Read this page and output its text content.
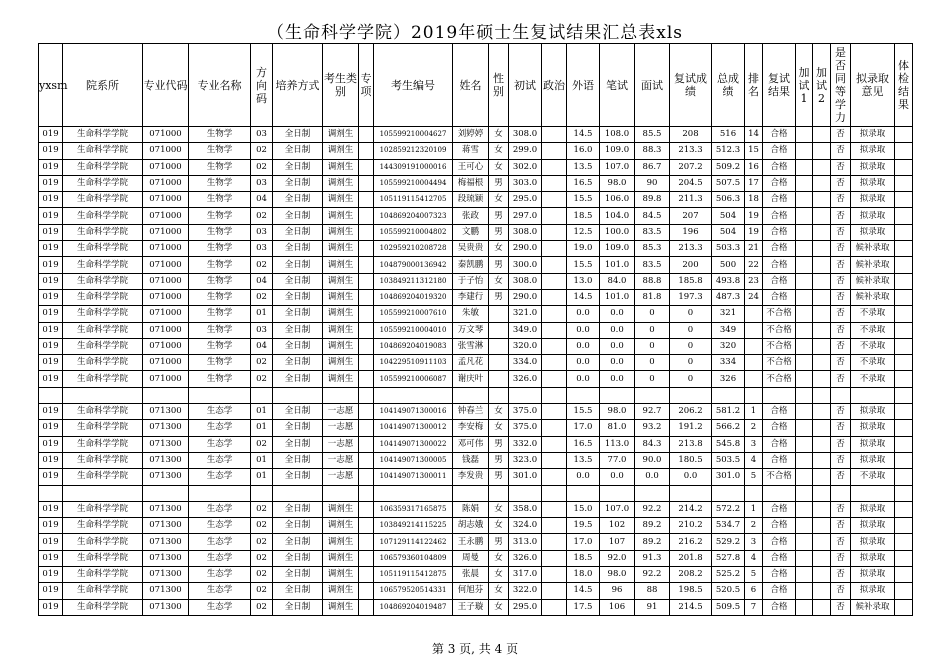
（生命科学学院）2019年硕士生复试结果汇总表xls
yxsm	院系所	专业代码	专业名称	方向码	培养方式	考生类别	专项	考生编号	姓名	性别	初试	政治	外语	笔试	面试	复试成绩	总成绩	排名	复试结果	加试1	加试2	是否同等学力	拟录取意见	体检结果
019	生命科学学院	071000	生物学	03	全日制	调剂生		105599210004627	刘婷婷	女	308.0		14.5	108.0	85.5	208	516	14	合格			否	拟录取	
019	生命科学学院	071000	生物学	02	全日制	调剂生		102859212320109	蒋雪	女	299.0		16.0	109.0	88.3	213.3	512.3	15	合格			否	拟录取	
019	生命科学学院	071000	生物学	02	全日制	调剂生		144309191000016	王可心	女	302.0		13.5	107.0	86.7	207.2	509.2	16	合格			否	拟录取	
019	生命科学学院	071000	生物学	03	全日制	调剂生		105599210004494	梅福根	男	303.0		16.5	98.0	90	204.5	507.5	17	合格			否	拟录取	
019	生命科学学院	071000	生物学	04	全日制	调剂生		105119115412705	段琉颖	女	295.0		15.5	106.0	89.8	211.3	506.3	18	合格			否	拟录取	
019	生命科学学院	071000	生物学	02	全日制	调剂生		104869204007323	张政	男	297.0		18.5	104.0	84.5	207	504	19	合格			否	拟录取	
019	生命科学学院	071000	生物学	03	全日制	调剂生		105599210004802	文鹏	男	308.0		12.5	100.0	83.5	196	504	19	合格			否	拟录取	
019	生命科学学院	071000	生物学	03	全日制	调剂生		102959210208728	吴贵贵	女	290.0		19.0	109.0	85.3	213.3	503.3	21	合格			否	候补录取	
019	生命科学学院	071000	生物学	02	全日制	调剂生		104879000136942	秦凯鹏	男	300.0		15.5	101.0	83.5	200	500	22	合格			否	候补录取	
019	生命科学学院	071000	生物学	04	全日制	调剂生		103849211312180	于子怡	女	308.0		13.0	84.0	88.8	185.8	493.8	23	合格			否	候补录取	
019	生命科学学院	071000	生物学	02	全日制	调剂生		104869204019320	李建行	男	290.0		14.5	101.0	81.8	197.3	487.3	24	合格			否	候补录取	
019	生命科学学院	071000	生物学	01	全日制	调剂生		105599210007610	朱敏		321.0		0.0	0.0	0	0	321		不合格			否	不录取	
019	生命科学学院	071000	生物学	03	全日制	调剂生		105599210004010	万文琴		349.0		0.0	0.0	0	0	349		不合格			否	不录取	
019	生命科学学院	071000	生物学	04	全日制	调剂生		104869204019083	张雪淋		320.0		0.0	0.0	0	0	320		不合格			否	不录取	
019	生命科学学院	071000	生物学	02	全日制	调剂生		104229510911103	孟凡花		334.0		0.0	0.0	0	0	334		不合格			否	不录取	
019	生命科学学院	071000	生物学	02	全日制	调剂生		105599210006087	谢庆叶		326.0		0.0	0.0	0	0	326		不合格			否	不录取	

019	生命科学学院	071300	生态学	01	全日制	一志愿		104149071300016	钟春兰	女	375.0		15.5	98.0	92.7	206.2	581.2	1	合格			否	拟录取	
019	生命科学学院	071300	生态学	01	全日制	一志愿		104149071300012	李安梅	女	375.0		17.0	81.0	93.2	191.2	566.2	2	合格			否	拟录取	
019	生命科学学院	071300	生态学	02	全日制	一志愿		104149071300022	邓可伟	男	332.0		16.5	113.0	84.3	213.8	545.8	3	合格			否	拟录取	
019	生命科学学院	071300	生态学	01	全日制	一志愿		104149071300005	钱磊	男	323.0		13.5	77.0	90.0	180.5	503.5	4	合格			否	拟录取	
019	生命科学学院	071300	生态学	01	全日制	一志愿		104149071300011	李发贵	男	301.0		0.0	0.0	0.0	0.0	301.0	5	不合格			否	不录取	

019	生命科学学院	071300	生态学	02	全日制	调剂生		106359317165875	陈娟	女	358.0		15.0	107.0	92.2	214.2	572.2	1	合格			否	拟录取	
019	生命科学学院	071300	生态学	02	全日制	调剂生		103849214115225	胡志娥	女	324.0		19.5	102	89.2	210.2	534.7	2	合格			否	拟录取	
019	生命科学学院	071300	生态学	02	全日制	调剂生		107129114122462	王永鹏	男	313.0		17.0	107	89.2	216.2	529.2	3	合格			否	拟录取	
019	生命科学学院	071300	生态学	02	全日制	调剂生		106579360104809	周曼	女	326.0		18.5	92.0	91.3	201.8	527.8	4	合格			否	拟录取	
019	生命科学学院	071300	生态学	02	全日制	调剂生		105119115412875	张晨	女	317.0		18.0	98.0	92.2	208.2	525.2	5	合格			否	拟录取	
019	生命科学学院	071300	生态学	02	全日制	调剂生		106579520514331	何旭芬	女	322.0		14.5	96	88	198.5	520.5	6	合格			否	拟录取	
019	生命科学学院	071300	生态学	02	全日制	调剂生		104869204019487	王子璇	女	295.0		17.5	106	91	214.5	509.5	7	合格			否	候补录取	
第 3 页, 共 4 页
